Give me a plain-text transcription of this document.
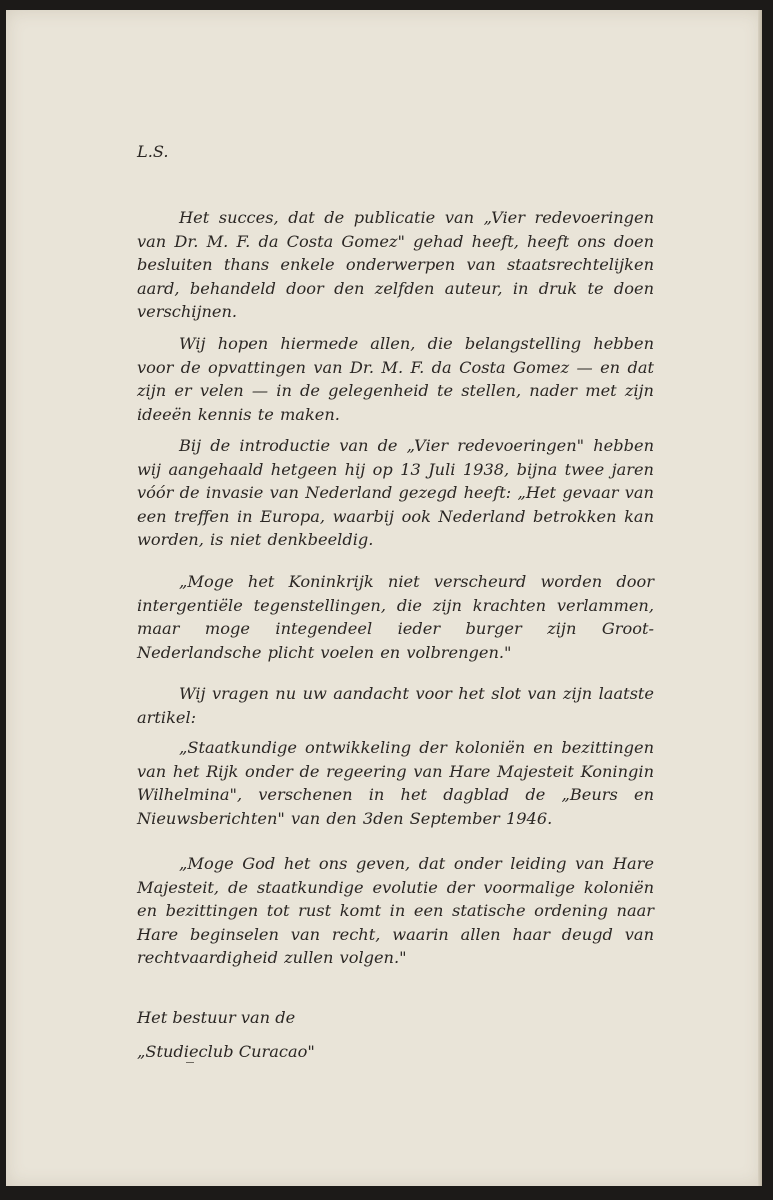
L.S.

Het succes, dat de publicatie van „Vier redevoeringen van Dr. M. F. da Costa Gomez" gehad heeft, heeft ons doen besluiten thans enkele onderwerpen van staatsrechtelijken aard, behandeld door den zelfden auteur, in druk te doen verschijnen.

Wij hopen hiermede allen, die belangstelling hebben voor de opvattingen van Dr. M. F. da Costa Gomez — en dat zijn er velen — in de gelegenheid te stellen, nader met zijn ideeën kennis te maken.

Bij de introductie van de „Vier redevoeringen" hebben wij aangehaald hetgeen hij op 13 Juli 1938, bijna twee jaren vóór de invasie van Nederland gezegd heeft: „Het gevaar van een treffen in Europa, waarbij ook Nederland betrokken kan worden, is niet denkbeeldig.

„Moge het Koninkrijk niet verscheurd worden door intergentiële tegenstellingen, die zijn krachten verlammen, maar moge integendeel ieder burger zijn Groot-Nederlandsche plicht voelen en volbrengen."

Wij vragen nu uw aandacht voor het slot van zijn laatste artikel:

„Staatkundige ontwikkeling der koloniën en bezittingen van het Rijk onder de regeering van Hare Majesteit Koningin Wilhelmina", verschenen in het dagblad de „Beurs en Nieuwsberichten" van den 3den September 1946.

„Moge God het ons geven, dat onder leiding van Hare Majesteit, de staatkundige evolutie der voormalige koloniën en bezittingen tot rust komt in een statische ordening naar Hare beginselen van recht, waarin allen haar deugd van rechtvaardigheid zullen volgen."

Het bestuur van de

„Studieclub Curacao"
